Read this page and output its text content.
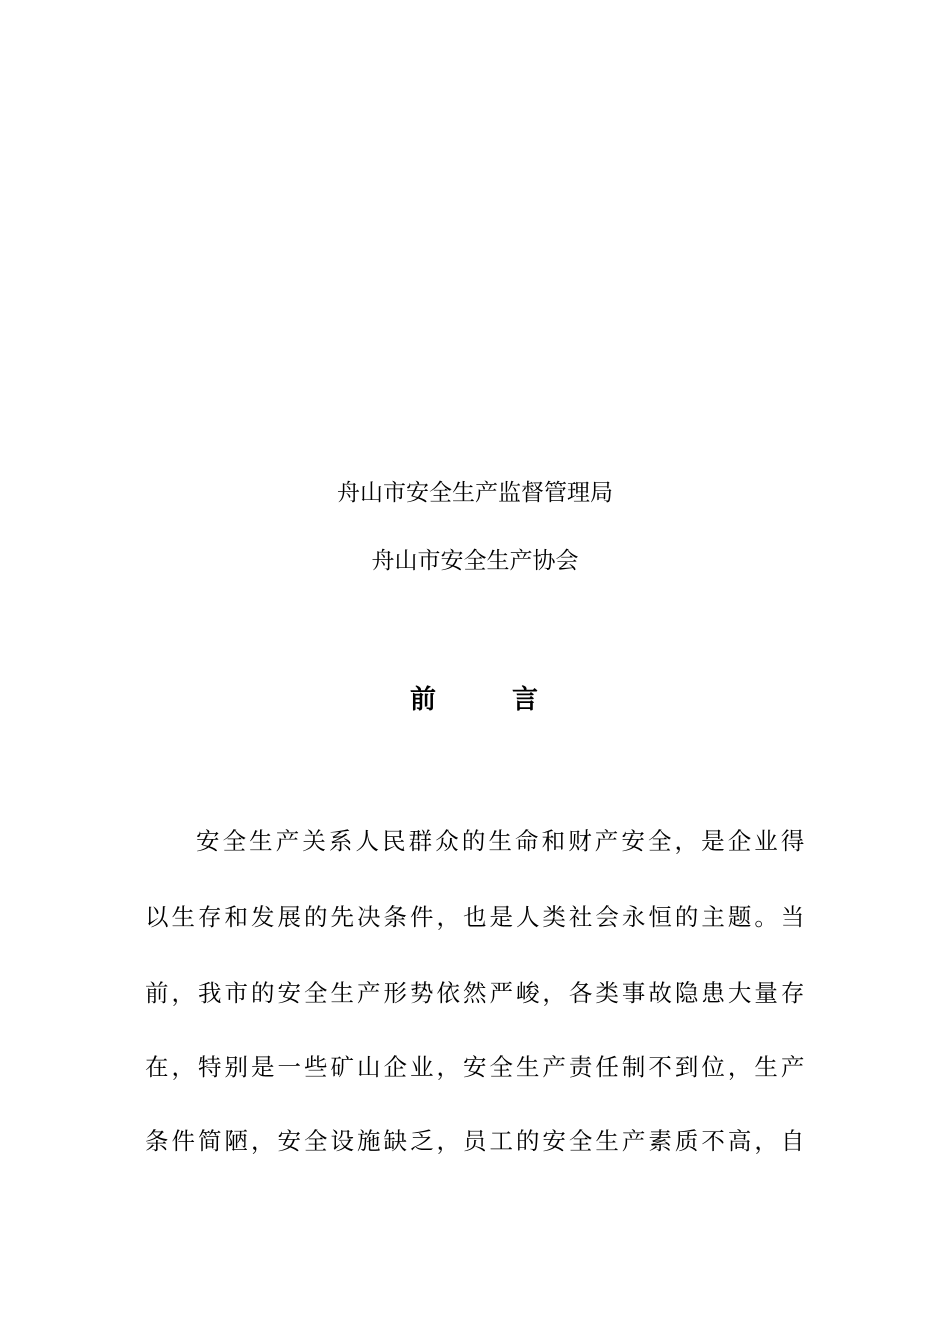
舟山市安全生产监督管理局
舟山市安全生产协会
前	言
安全生产关系人民群众的生命和财产安全，是企业得
以生存和发展的先决条件，也是人类社会永恒的主题。当
前，我市的安全生产形势依然严峻，各类事故隐患大量存
在，特别是一些矿山企业，安全生产责任制不到位，生产
条件简陋，安全设施缺乏，员工的安全生产素质不高，自
